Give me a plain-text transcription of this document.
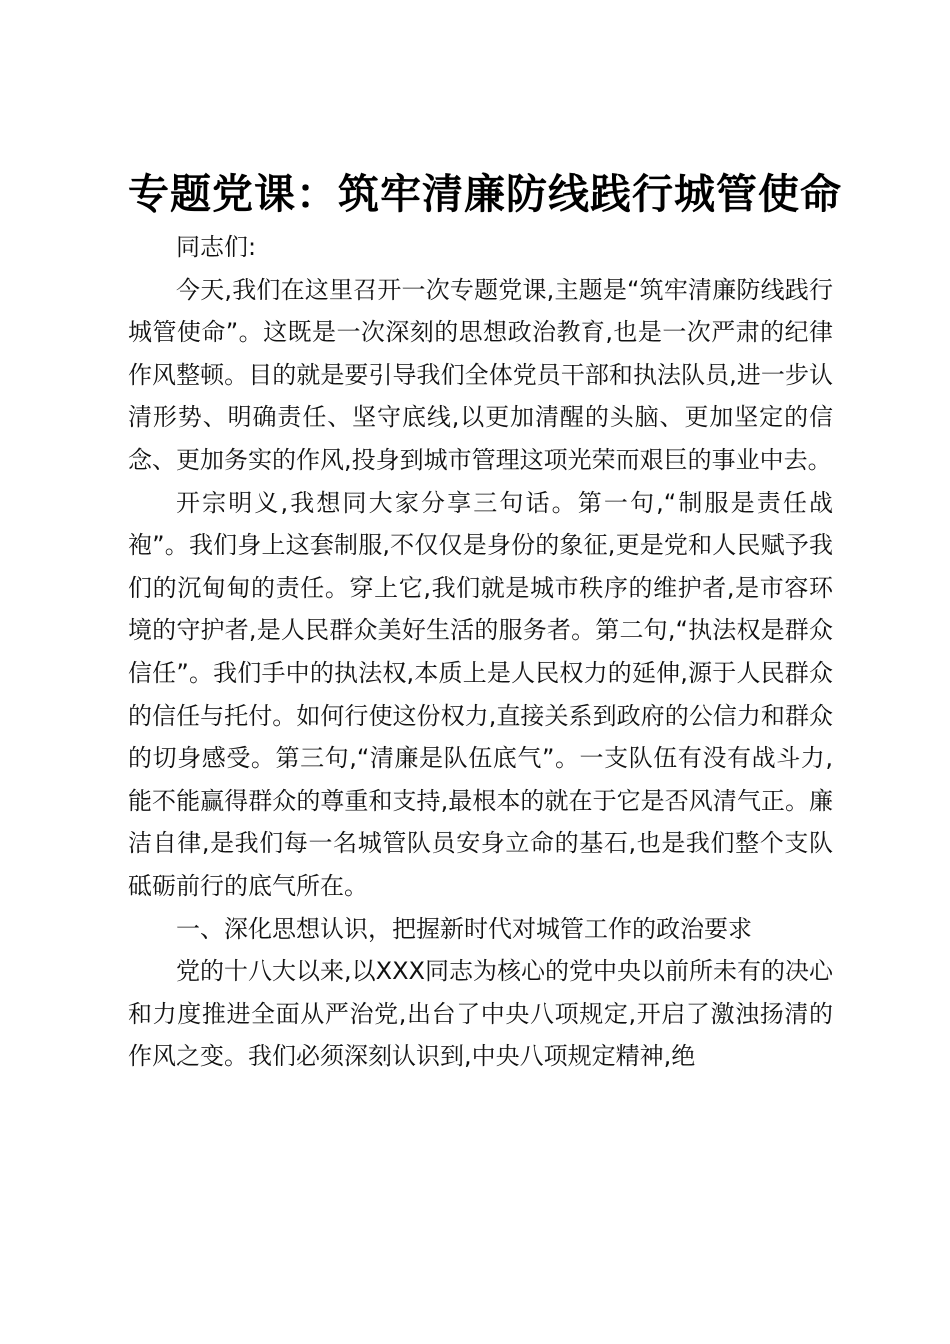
专题党课：筑牢清廉防线践行城管使命

同志们:

今天,我们在这里召开一次专题党课,主题是“筑牢清廉防线践行城管使命”。这既是一次深刻的思想政治教育,也是一次严肃的纪律作风整顿。目的就是要引导我们全体党员干部和执法队员,进一步认清形势、明确责任、坚守底线,以更加清醒的头脑、更加坚定的信念、更加务实的作风,投身到城市管理这项光荣而艰巨的事业中去。

开宗明义,我想同大家分享三句话。第一句,“制服是责任战袍”。我们身上这套制服,不仅仅是身份的象征,更是党和人民赋予我们的沉甸甸的责任。穿上它,我们就是城市秩序的维护者,是市容环境的守护者,是人民群众美好生活的服务者。第二句,“执法权是群众信任”。我们手中的执法权,本质上是人民权力的延伸,源于人民群众的信任与托付。如何行使这份权力,直接关系到政府的公信力和群众的切身感受。第三句,“清廉是队伍底气”。一支队伍有没有战斗力,能不能赢得群众的尊重和支持,最根本的就在于它是否风清气正。廉洁自律,是我们每一名城管队员安身立命的基石,也是我们整个支队砥砺前行的底气所在。

一、深化思想认识，把握新时代对城管工作的政治要求

党的十八大以来,以XXX同志为核心的党中央以前所未有的决心和力度推进全面从严治党,出台了中央八项规定,开启了激浊扬清的作风之变。我们必须深刻认识到,中央八项规定精神,绝
